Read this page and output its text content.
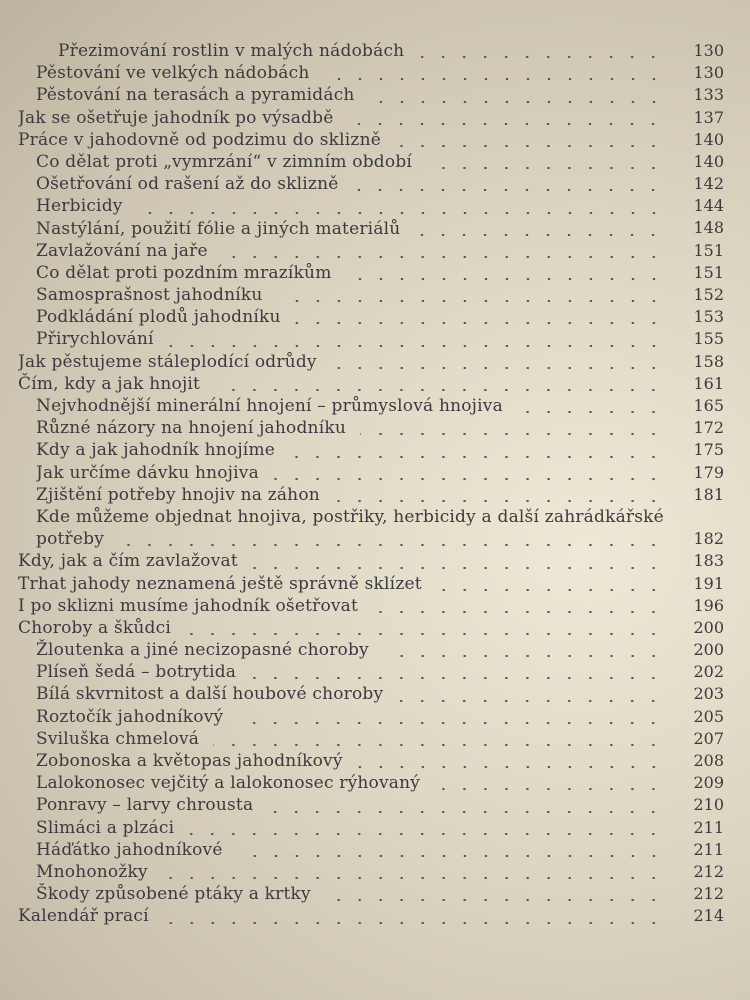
Přezimování rostlin v malých nádobách	130
Pěstování ve velkých nádobách	130
Pěstování na terasách a pyramidách	133
Jak se ošetřuje jahodník po výsadbě	137
Práce v jahodovně od podzimu do sklizně	140
Co dělat proti „vymrzání“ v zimním období	140
Ošetřování od rašení až do sklizně	142
Herbicidy	144
Nastýlání, použití fólie a jiných materiálů	148
Zavlažování na jaře	151
Co dělat proti pozdním mrazíkům	151
Samosprašnost jahodníku	152
Podkládání plodů jahodníku	153
Přirychlování	155
Jak pěstujeme stáleplodící odrůdy	158
Čím, kdy a jak hnojit	161
Nejvhodnější minerální hnojení – průmyslová hnojiva	165
Různé názory na hnojení jahodníku	172
Kdy a jak jahodník hnojíme	175
Jak určíme dávku hnojiva	179
Zjištění potřeby hnojiv na záhon	181
Kde můžeme objednat hnojiva, postřiky, herbicidy a další zahrádkářské potřeby	182
Kdy, jak a čím zavlažovat	183
Trhat jahody neznamená ještě správně sklízet	191
I po sklizni musíme jahodník ošetřovat	196
Choroby a škůdci	200
Žloutenka a jiné necizopasné choroby	200
Plíseň šedá – botrytida	202
Bílá skvrnitost a další houbové choroby	203
Roztočík jahodníkový	205
Sviluška chmelová	207
Zobonoska a květopas jahodníkový	208
Lalokonosec vejčitý a lalokonosec rýhovaný	209
Ponravy – larvy chrousta	210
Slimáci a plzáci	211
Háďátko jahodníkové	211
Mnohonožky	212
Škody způsobené ptáky a krtky	212
Kalendář prací	214
